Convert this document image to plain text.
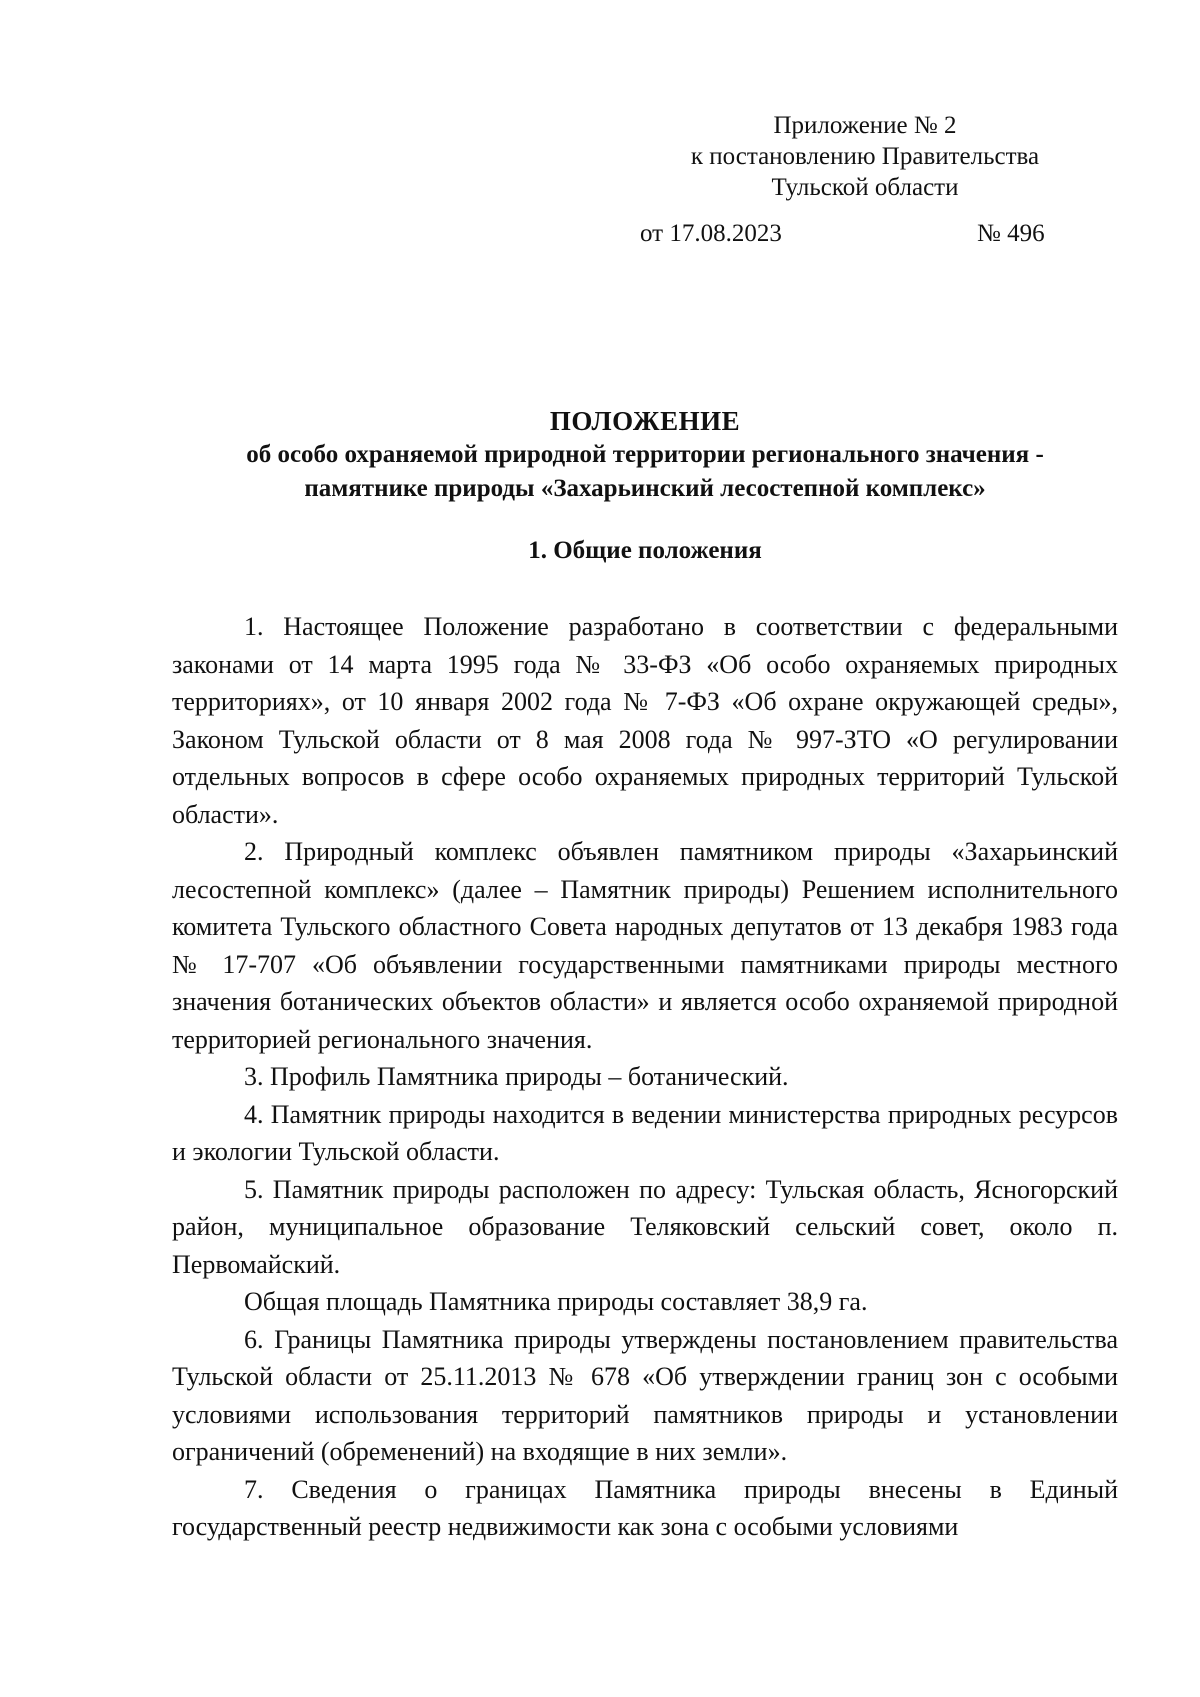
Приложение № 2
к постановлению Правительства
Тульской области
от 17.08.2023	№ 496
ПОЛОЖЕНИЕ
об особо охраняемой природной территории регионального значения -
памятнике природы «Захарьинский лесостепной комплекс»
1. Общие положения

1. Настоящее Положение разработано в соответствии с федеральными законами от 14 марта 1995 года № 33-ФЗ «Об особо охраняемых природных территориях», от 10 января 2002 года № 7-ФЗ «Об охране окружающей среды», Законом Тульской области от 8 мая 2008 года № 997-ЗТО «О регулировании отдельных вопросов в сфере особо охраняемых природных территорий Тульской области».

2. Природный комплекс объявлен памятником природы «Захарьинский лесостепной комплекс» (далее – Памятник природы) Решением исполнительного комитета Тульского областного Совета народных депутатов от 13 декабря 1983 года № 17-707 «Об объявлении государственными памятниками природы местного значения ботанических объектов области» и является особо охраняемой природной территорией регионального значения.

3. Профиль Памятника природы – ботанический.

4. Памятник природы находится в ведении министерства природных ресурсов и экологии Тульской области.

5. Памятник природы расположен по адресу: Тульская область, Ясногорский район, муниципальное образование Теляковский сельский совет, около п. Первомайский.

Общая площадь Памятника природы составляет 38,9 га.

6. Границы Памятника природы утверждены постановлением правительства Тульской области от 25.11.2013 № 678 «Об утверждении границ зон с особыми условиями использования территорий памятников природы и установлении ограничений (обременений) на входящие в них земли».

7. Сведения о границах Памятника природы внесены в Единый государственный реестр недвижимости как зона с особыми условиями
